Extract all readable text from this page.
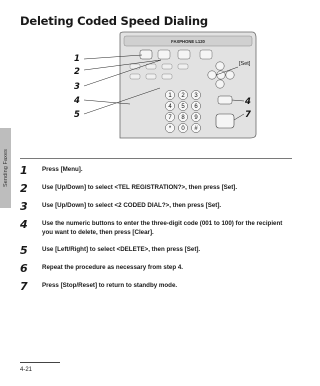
Sending Faxes
Deleting Coded Speed Dialing
FAXPHONE L120
1 2 3
4 5 6
7 8 9
* 0 #
1
2
3
4
5
[Set]
4
7
1	Press [Menu].
2	Use [Up/Down] to select <TEL REGISTRATION?>, then press [Set].
3	Use [Up/Down] to select <2 CODED DIAL?>, then press [Set].
4	Use the numeric buttons to enter the three-digit code (001 to 100) for the recipient you want to delete, then press [Clear].
5	Use [Left/Right] to select <DELETE>, then press [Set].
6	Repeat the procedure as necessary from step 4.
7	Press [Stop/Reset] to return to standby mode.
4-21
